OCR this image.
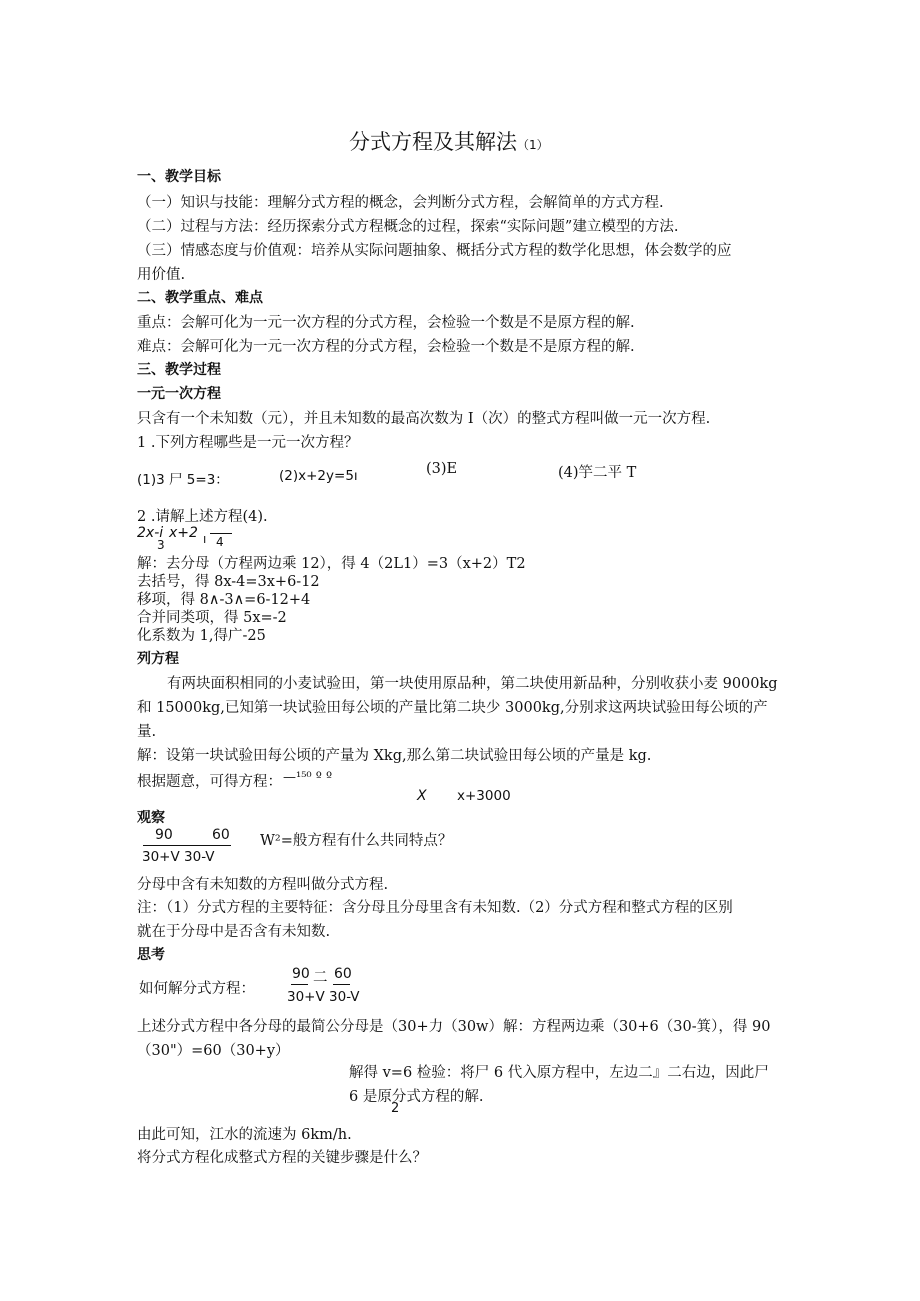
分式方程及其解法（1）
一、教学目标
（一）知识与技能：理解分式方程的概念，会判断分式方程，会解简单的方式方程.
（二）过程与方法：经历探索分式方程概念的过程，探索“实际问题”建立模型的方法.
（三）情感态度与价值观：培养从实际问题抽象、概括分式方程的数学化思想，体会数学的应
用价值.
二、教学重点、难点
重点：会解可化为一元一次方程的分式方程，会检验一个数是不是原方程的解.
难点：会解可化为一元一次方程的分式方程，会检验一个数是不是原方程的解.
三、教学过程
一元一次方程
只含有一个未知数（元），并且未知数的最高次数为 I（次）的整式方程叫做一元一次方程.
1 .下列方程哪些是一元一次方程？
(1)3 尸 5=3：	(2)x+2y=5ı	(3)E	(4)竽二平 T
2 .请解上述方程(4).
2x-i x+2 ı
3	4
解：去分母（方程两边乘 12），得 4（2L1）=3（x+2）T2
去括号，得 8x-4=3x+6-12
移项，得 8∧-3∧=6-12+4
合并同类项，得 5x=-2
化系数为 1,得广-25
列方程
有两块面积相同的小麦试验田，第一块使用原品种，第二块使用新品种，分别收获小麦 9000kg
和 15000kg,已知第一块试验田每公顷的产量比第二块少 3000kg,分别求这两块试验田每公顷的产
量.
解：设第一块试验田每公顷的产量为 Xkg,那么第二块试验田每公顷的产量是 kg.
根据题意，可得方程： —¹⁵⁰ º º
X x+3000
观察
90	60 W²=般方程有什么共同特点？
30+V 30-V
分母中含有未知数的方程叫做分式方程.
注：（1）分式方程的主要特征：含分母且分母里含有未知数.（2）分式方程和整式方程的区别
就在于分母中是否含有未知数.
思考
如何解分式方程：
90 二 60
30+V 30-V
上述分式方程中各分母的最简公分母是（30+力（30w）解：方程两边乘（30+6（30-箕），得 90
（30"）=60（30+y）
解得 v=6 检验：将尸 6 代入原方程中，左边二』二右边，因此尸
6 是原分式方程的解.
2
由此可知，江水的流速为 6km/h.
将分式方程化成整式方程的关键步骤是什么？
